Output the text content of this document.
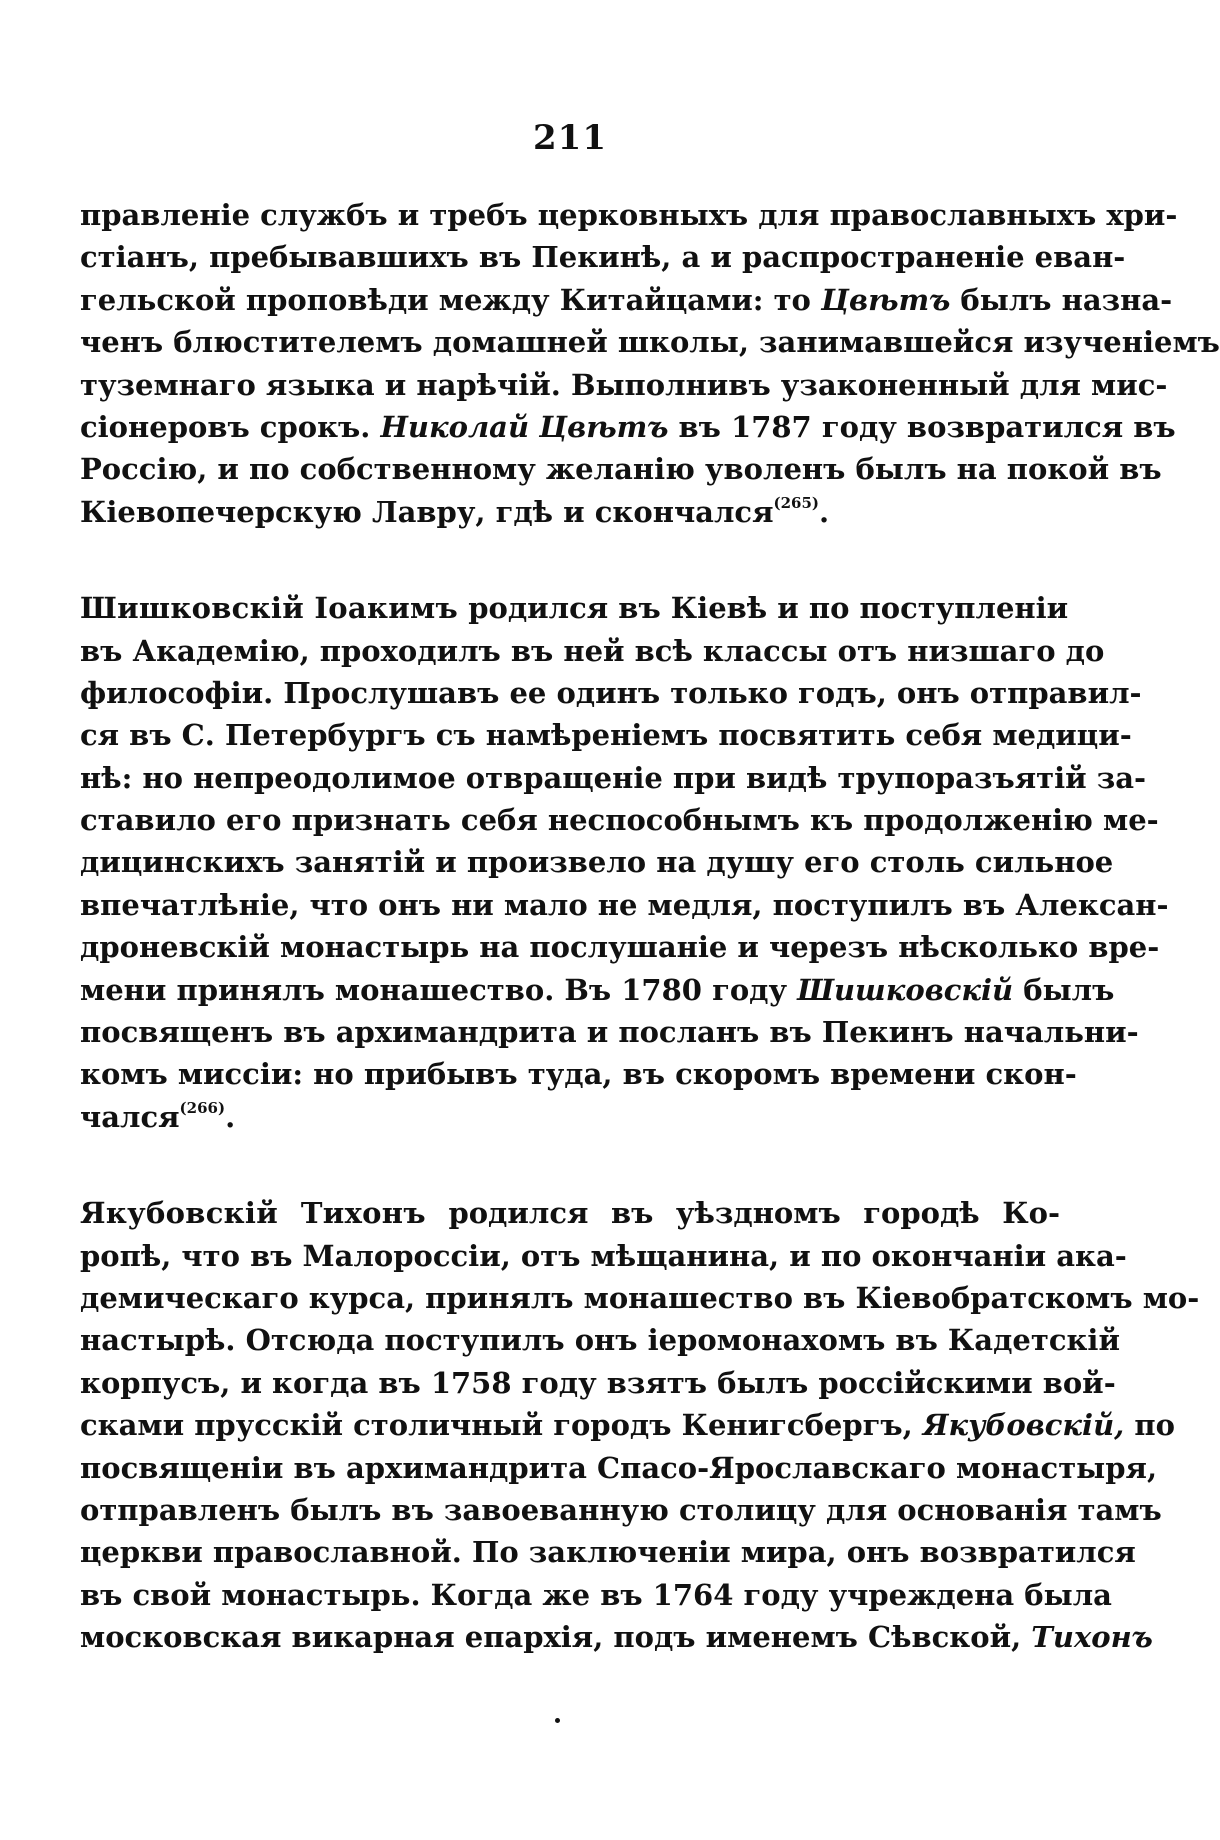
211
правленіе службъ и требъ церковныхъ для православныхъ хри-
стіанъ, пребывавшихъ въ Пекинѣ, а и распространеніе еван-
гельской проповѣди между Китайцами: то Цвѣтъ былъ назна-
ченъ блюстителемъ домашней школы, занимавшейся изученіемъ
туземнаго языка и нарѣчій. Выполнивъ узаконенный для мис-
сіонеровъ срокъ. Николай Цвѣтъ въ 1787 году возвратился въ
Россію, и по собственному желанію уволенъ былъ на покой въ
Кіевопечерскую Лавру, гдѣ и скончался$^{(265)}$.
Шишковскій Іоакимъ родился въ Кіевѣ и по поступленіи
въ Академію, проходилъ въ ней всѣ классы отъ низшаго до
философіи. Прослушавъ ее одинъ только годъ, онъ отправил-
ся въ С. Петербургъ съ намѣреніемъ посвятить себя медици-
нѣ: но непреодолимое отвращеніе при видѣ трупоразъятій за-
ставило его признать себя неспособнымъ къ продолженію ме-
дицинскихъ занятій и произвело на душу его столь сильное
впечатлѣніе, что онъ ни мало не медля, поступилъ въ Алексан-
дроневскій монастырь на послушаніе и черезъ нѣсколько вре-
мени принялъ монашество. Въ 1780 году Шишковскій былъ
посвященъ въ архимандрита и посланъ въ Пекинъ начальни-
комъ миссіи: но прибывъ туда, въ скоромъ времени скон-
чался$^{(266)}$.
Якубовскій Тихонъ родился въ уѣздномъ городѣ Ко-
ропѣ, что въ Малороссіи, отъ мѣщанина, и по окончаніи ака-
демическаго курса, принялъ монашество въ Кіевобратскомъ мо-
настырѣ. Отсюда поступилъ онъ іеромонахомъ въ Кадетскій
корпусъ, и когда въ 1758 году взятъ былъ россійскими вой-
сками прусскій столичный городъ Кенигсбергъ, Якубовскій, по
посвященіи въ архимандрита Спасо-Ярославскаго монастыря,
отправленъ былъ въ завоеванную столицу для основанія тамъ
церкви православной. По заключеніи мира, онъ возвратился
въ свой монастырь. Когда же въ 1764 году учреждена была
московская викарная епархія, подъ именемъ Сѣвской, Тихонъ
